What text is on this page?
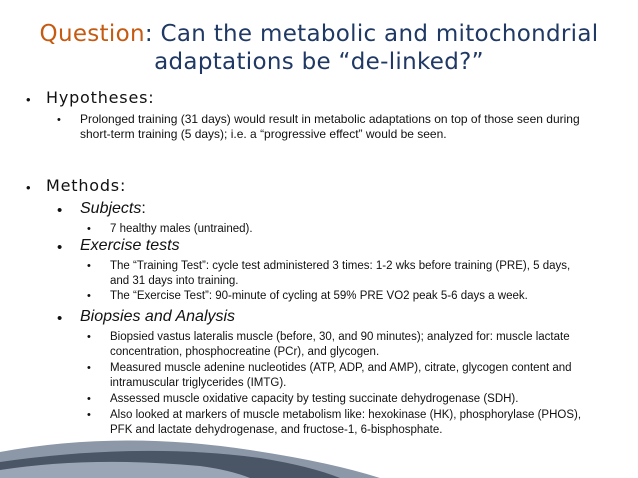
Question: Can the metabolic and mitochondrial
adaptations be “de-linked?”
• Hypotheses:
• Prolonged training (31 days) would result in metabolic adaptations on top of those seen during short-term training (5 days); i.e. a “progressive effect” would be seen.
• Methods:
• Subjects:
• 7 healthy males (untrained).
• Exercise tests
• The “Training Test”: cycle test administered 3 times: 1-2 wks before training (PRE), 5 days, and 31 days into training.
• The “Exercise Test”: 90-minute of cycling at 59% PRE VO2 peak 5-6 days a week.
• Biopsies and Analysis
• Biopsied vastus lateralis muscle (before, 30, and 90 minutes); analyzed for: muscle lactate concentration, phosphocreatine (PCr), and glycogen.
• Measured muscle adenine nucleotides (ATP, ADP, and AMP), citrate, glycogen content and intramuscular triglycerides (IMTG).
• Assessed muscle oxidative capacity by testing succinate dehydrogenase (SDH).
• Also looked at markers of muscle metabolism like: hexokinase (HK), phosphorylase (PHOS), PFK and lactate dehydrogenase, and fructose-1, 6-bisphosphate.
